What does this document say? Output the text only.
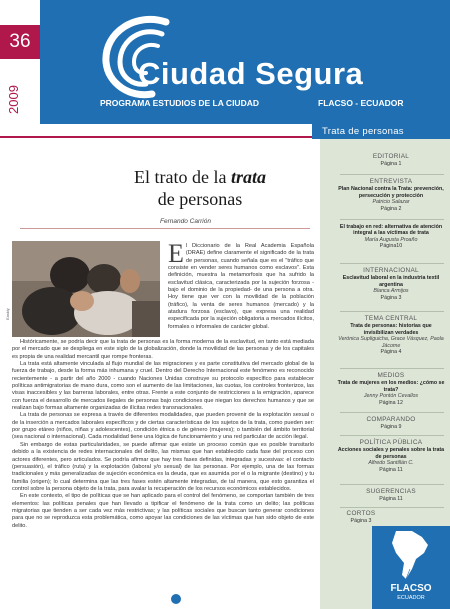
36
2009
Ciudad Segura
PROGRAMA ESTUDIOS DE LA CIUDAD	FLACSO - ECUADOR
Trata de personas
El trato de la trata
de personas
Fernando Carrión
Easkly
E l Diccionario de la Real Academia Española (DRAE) define claramente el significado de la trata de personas, cuando señala que es el "tráfico que consiste en vender seres humanos como esclavos". Esta definición, muestra la metamorfosis que ha sufrido la esclavitud clásica, caracterizada por la sujeción forzosa - bajo el dominio de la propiedad- de una persona a otra. Hoy tiene que ver con la movilidad de la población (tráfico), la venta de seres humanos (mercado) y la atadura forzosa (esclavo), que expresa una realidad especificada por la sujeción obligatoria a mercados ilícitos, formales o informales de carácter global.

Históricamente, se podría decir que la trata de personas es la forma moderna de la esclavitud, en tanto está mediada por el mercado que se despliega en este siglo de la globalización, donde la movilidad de las personas y de los capitales es propia de una realidad mercantil que rompe fronteras.

La trata está altamente vinculada al flujo mundial de las migraciones y es parte constitutiva del mercado global de la fuerza de trabajo, desde la forma más inhumana y cruel. Dentro del Derecho Internacional este fenómeno es reconocido recientemente - a partir del año 2000 - cuando Naciones Unidas construye su protocolo específico para establecer políticas antimigratorias de mano dura, como son el aumento de las limitaciones, las cuotas, los controles fronterizos, las visas inaccesibles y las barreras laborales, entre otras. Frente a este conjunto de restricciones a la emigración, aparece con fuerza el desarrollo de mercados ilegales de personas bajo condiciones que niegan los derechos humanos y que se realizan bajo formas altamente organizadas de ilícitas redes transnacionales.

La trata de personas se expresa a través de diferentes modalidades, que pueden provenir de la explotación sexual o de la inserción a mercados laborales específicos y de ciertas características de los sujetos de la trata, como pueden ser: por grupo etáreo (niños, niñas y adolescentes), condición étnica o de género (mujeres); o también del ámbito territorial (sea nacional o internacional). Cada modalidad tiene una lógica de funcionamiento y una red particular de acción ilegal.

Sin embargo de estas particularidades, se puede afirmar que existe un proceso común que es posible transitarlo debido a la existencia de redes internacionales del delito, las mismas que han establecido cada fase del proceso con actores diferentes, pero articulados. Se podría afirmar que hay tres fases definidas, integradas y sucesivas: el contacto (persuasión), el tráfico (ruta) y la explotación (laboral y/o sexual) de las personas. Por ejemplo, una de las formas tradicionales y más generalizadas de sujeción económica es la deuda, que es asumida por el o la migrante (destino) y tu familia (origen); lo cual determina que las tres fases estén altamente integradas, de tal manera, que esto garantiza el control sobre la persona objeto de la trata, para avalar la recuperación de los recursos económicos establecidos.

En este contexto, el tipo de políticas que se han aplicado para el control del fenómeno, se comportan también de tres elementos: las políticas penales que han llevado a tipificar el fenómeno de la trata como un delito; las políticas migratorias que tienden a ser cada vez más restrictivas; y las políticas sociales que buscan tanto generar condiciones para que no se reproduzca esta problemática, como apoyar las condiciones de las víctimas que han sido objeto de este delito.

EDITORIAL
Página 1
ENTREVISTA
Plan Nacional contra la Trata: prevención, persecución y protección
Patricio Salazar
Página 2
El trabajo en red: alternativa de atención integral a las víctimas de trata
María Augusta Proaño
Página10
INTERNACIONAL
Esclavitud laboral en la industria textil argentina
Blanca Armijos
Página 3
TEMA CENTRAL
Trata de personas: historias que invisibilizan verdades
Verónica Supliguicha, Grace Vásquez, Paola Jácome
Página 4
MEDIOS
Trata de mujeres en los medios: ¿cómo se trata?
Jenny Pontón Cevallos
Página 12
COMPARANDO
Página 9
POLÍTICA PÚBLICA
Acciones sociales y penales sobre la trata de personas
Alfredo Santillán C.
Página 11
SUGERENCIAS
Página 11
CORTOS
Página 3
FLACSO
ECUADOR
